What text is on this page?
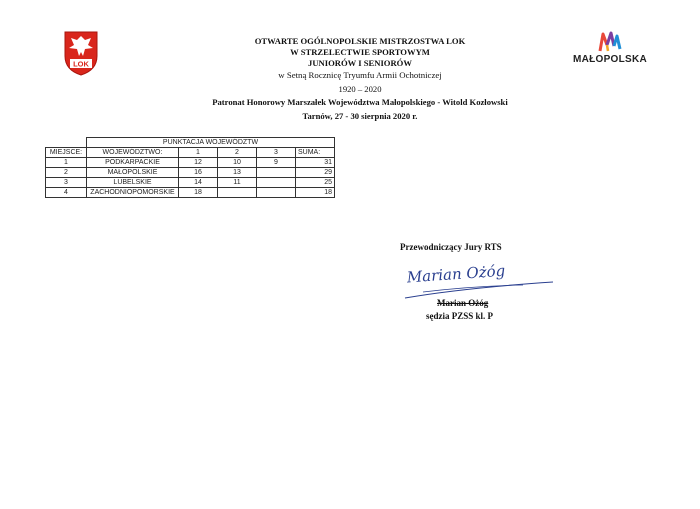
LOK	MAŁOPOLSKA
OTWARTE OGÓLNOPOLSKIE MISTRZOSTWA LOK
W STRZELECTWIE SPORTOWYM
JUNIORÓW I SENIORÓW
w Setną Rocznicę Tryumfu Armii Ochotniczej
1920 – 2020
Patronat Honorowy Marszałek Województwa Małopolskiego - Witold Kozłowski
Tarnów, 27 - 30 sierpnia 2020 r.
	PUNKTACJA WOJEWÓDZTW				
MIEJSCE:	WOJEWÓDZTWO:	1	2	3	SUMA:
1	PODKARPACKIE	12	10	9	31
2	MAŁOPOLSKIE	16	13		29
3	LUBELSKIE	14	11		25
4	ZACHODNIOPOMORSKIE	18			18
Przewodniczący Jury RTS
Marian Ożóg
Marian Ożóg
sędzia PZSS kl. P
